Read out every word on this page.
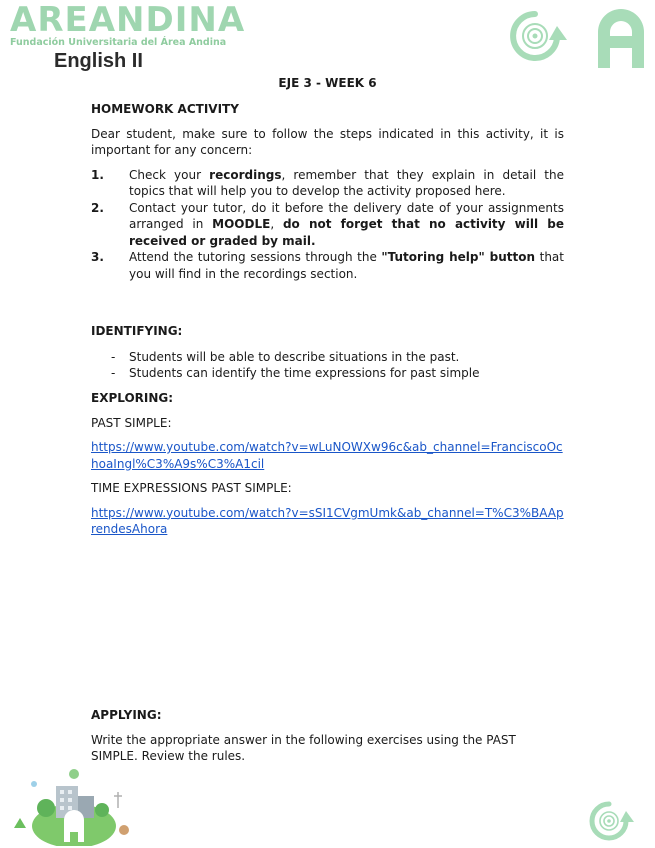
AREANDINA
Fundación Universitaria del Área Andina
English II
EJE 3 - WEEK 6

HOMEWORK ACTIVITY

Dear student, make sure to follow the steps indicated in this activity, it is important for any concern:

1. Check your recordings, remember that they explain in detail the topics that will help you to develop the activity proposed here.
2. Contact your tutor, do it before the delivery date of your assignments arranged in MOODLE, do not forget that no activity will be received or graded by mail.
3. Attend the tutoring sessions through the "Tutoring help" button that you will find in the recordings section.

IDENTIFYING:

- Students will be able to describe situations in the past.
- Students can identify the time expressions for past simple

EXPLORING:

PAST SIMPLE:

https://www.youtube.com/watch?v=wLuNOWXw96c&ab_channel=FranciscoOchoaIngl%C3%A9s%C3%A1cil

TIME EXPRESSIONS PAST SIMPLE:

https://www.youtube.com/watch?v=sSI1CVgmUmk&ab_channel=T%C3%BAAprendesAhora

APPLYING:

Write the appropriate answer in the following exercises using the PAST SIMPLE. Review the rules.
